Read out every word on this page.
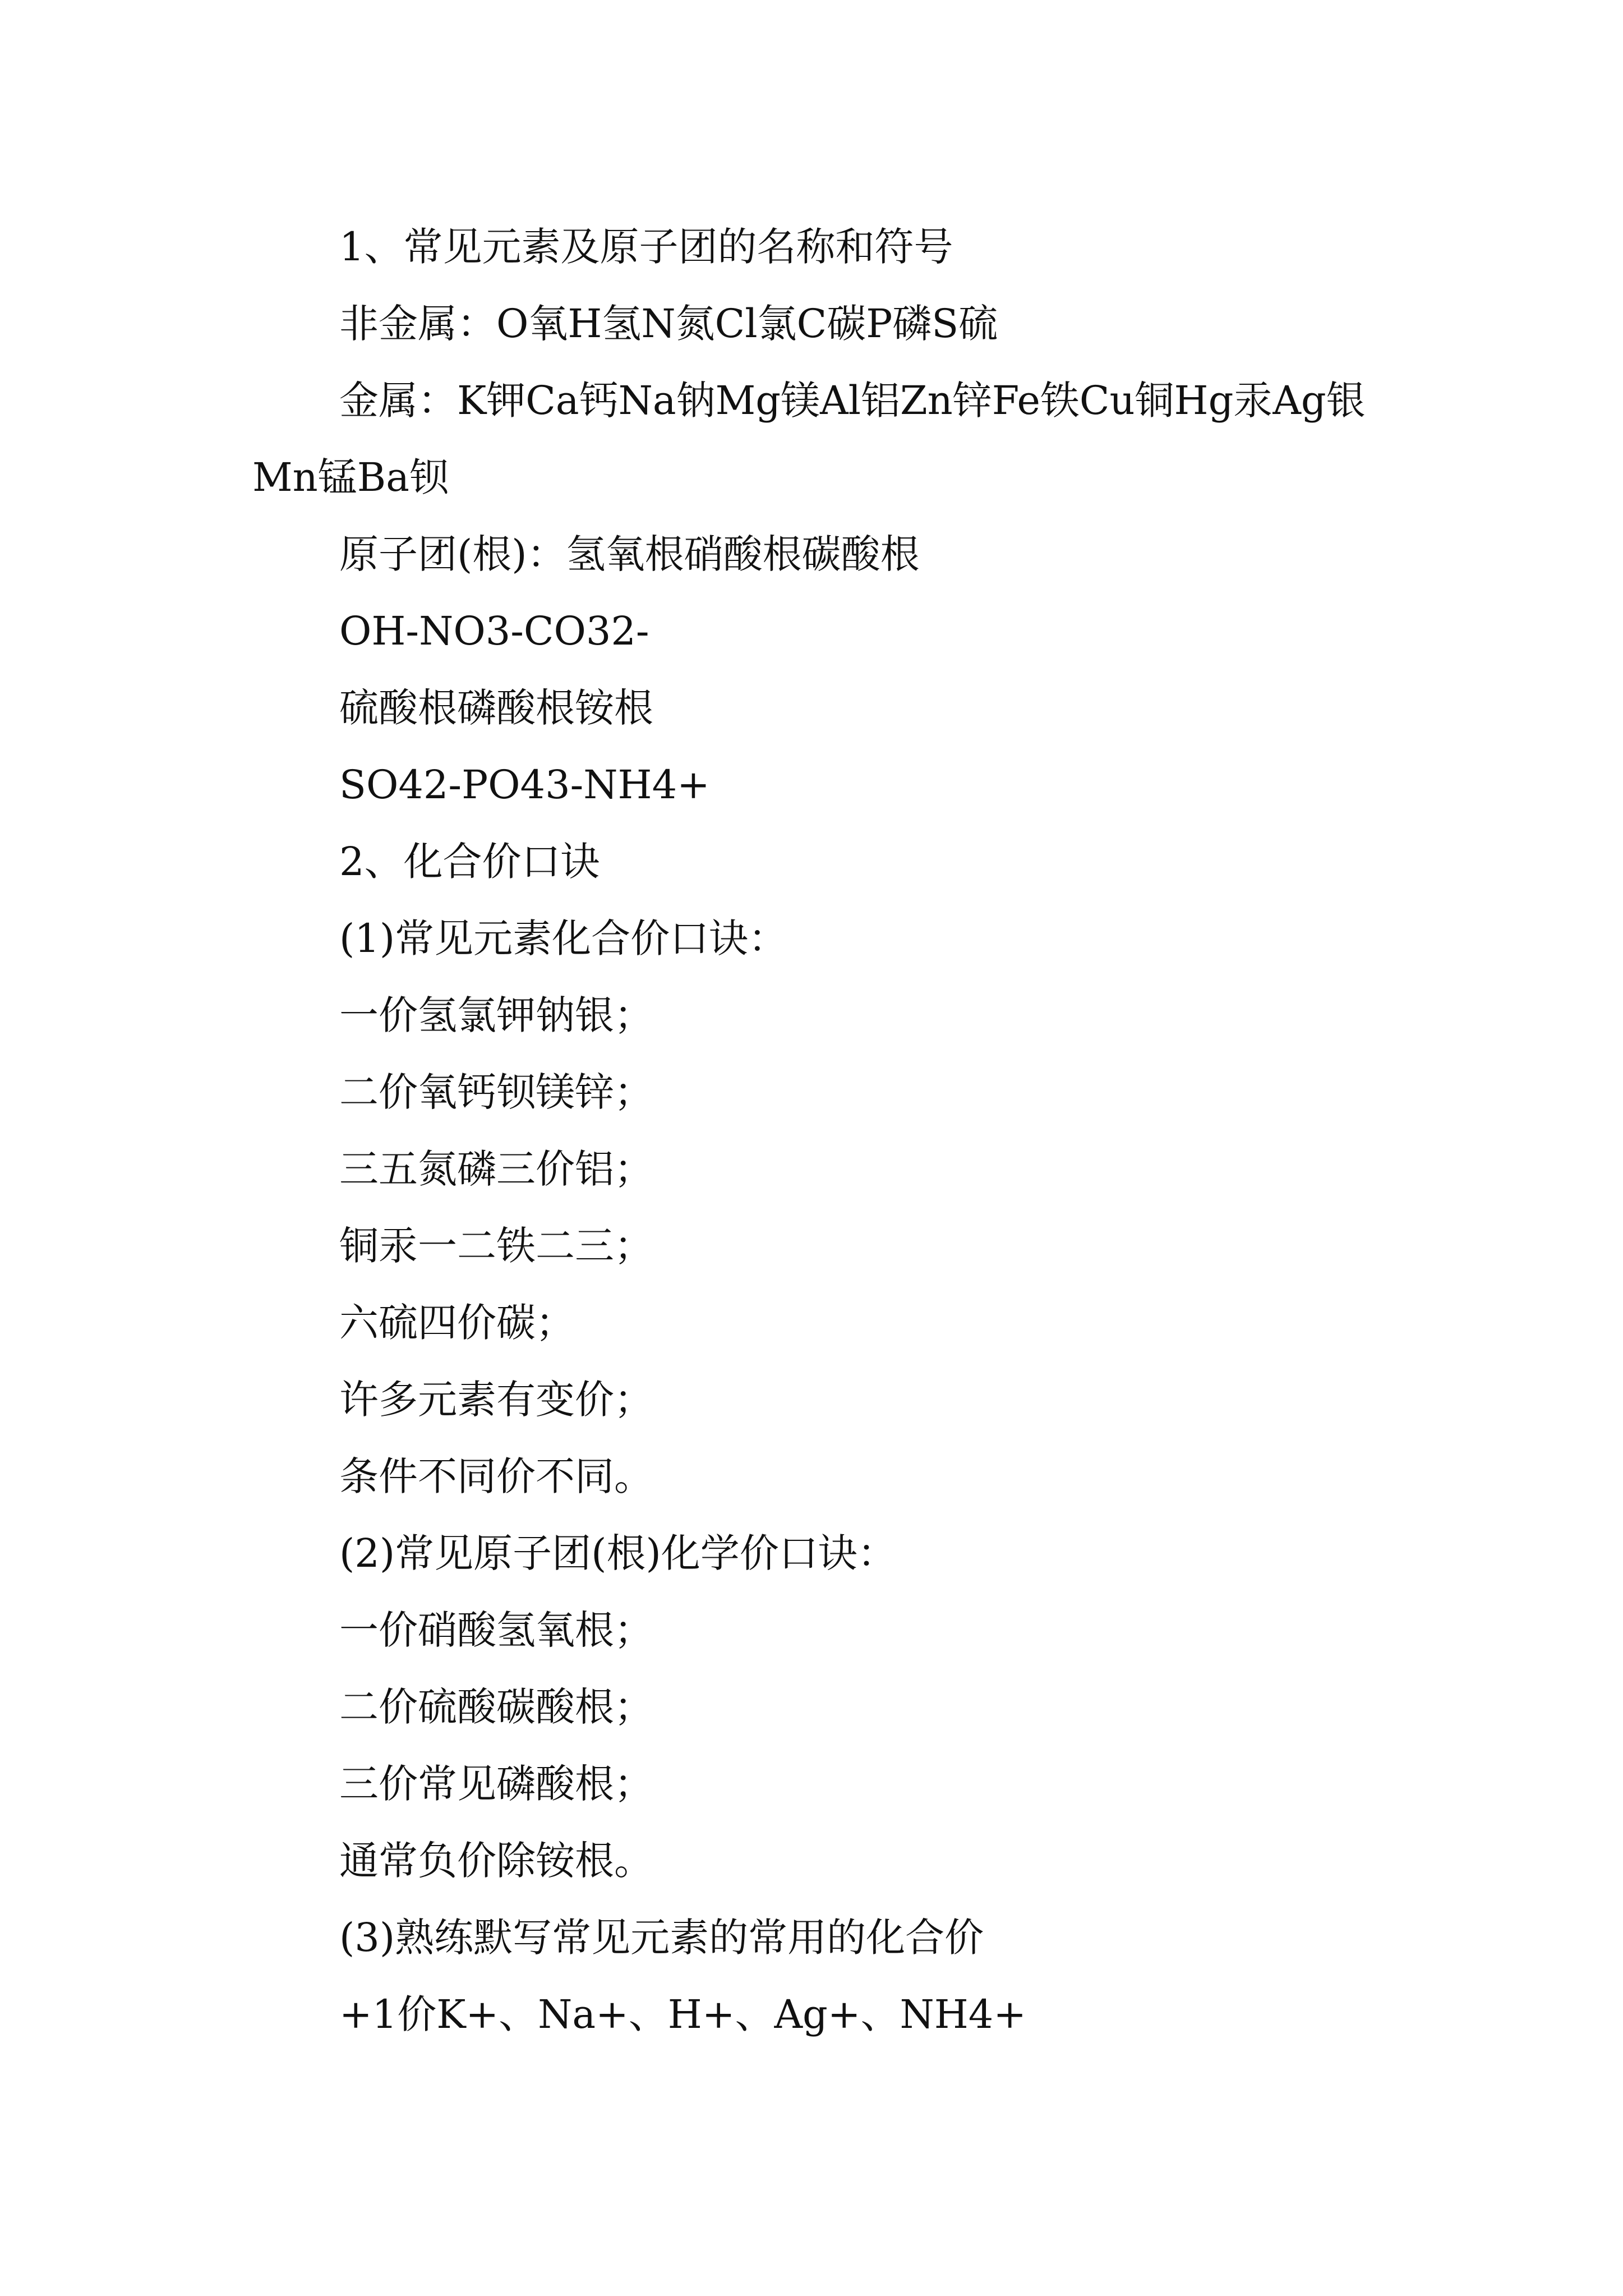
1、常见元素及原子团的名称和符号

非金属：O氧H氢N氮Cl氯C碳P磷S硫

金属：K钾Ca钙Na钠Mg镁Al铝Zn锌Fe铁Cu铜Hg汞Ag银Mn锰Ba钡

原子团(根)：氢氧根硝酸根碳酸根

OH-NO3-CO32-

硫酸根磷酸根铵根

SO42-PO43-NH4+

2、化合价口诀

(1)常见元素化合价口诀：

一价氢氯钾钠银；

二价氧钙钡镁锌；

三五氮磷三价铝；

铜汞一二铁二三；

六硫四价碳；

许多元素有变价；

条件不同价不同。

(2)常见原子团(根)化学价口诀：

一价硝酸氢氧根；

二价硫酸碳酸根；

三价常见磷酸根；

通常负价除铵根。

(3)熟练默写常见元素的常用的化合价

+1价K+、Na+、H+、Ag+、NH4+
